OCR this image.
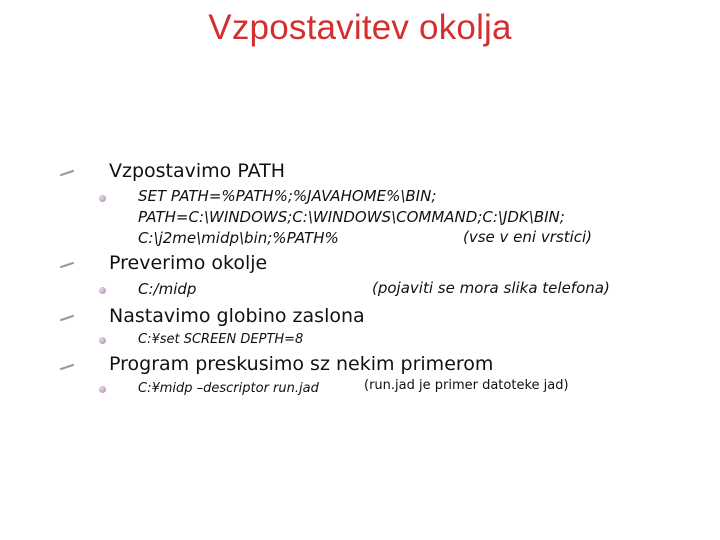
Vzpostavitev okolja
Vzpostavimo PATH
SET PATH=%PATH%;%JAVAHOME%\BIN;
PATH=C:\WINDOWS;C:\WINDOWS\COMMAND;C:\JDK\BIN;
C:\j2me\midp\bin;%PATH%	(vse v eni vrstici)
Preverimo okolje
C:/midp	(pojaviti se mora slika telefona)
Nastavimo globino zaslona
C:¥set SCREEN DEPTH=8
Program preskusimo sz nekim primerom
C:¥midp –descriptor run.jad	(run.jad je primer datoteke jad)
